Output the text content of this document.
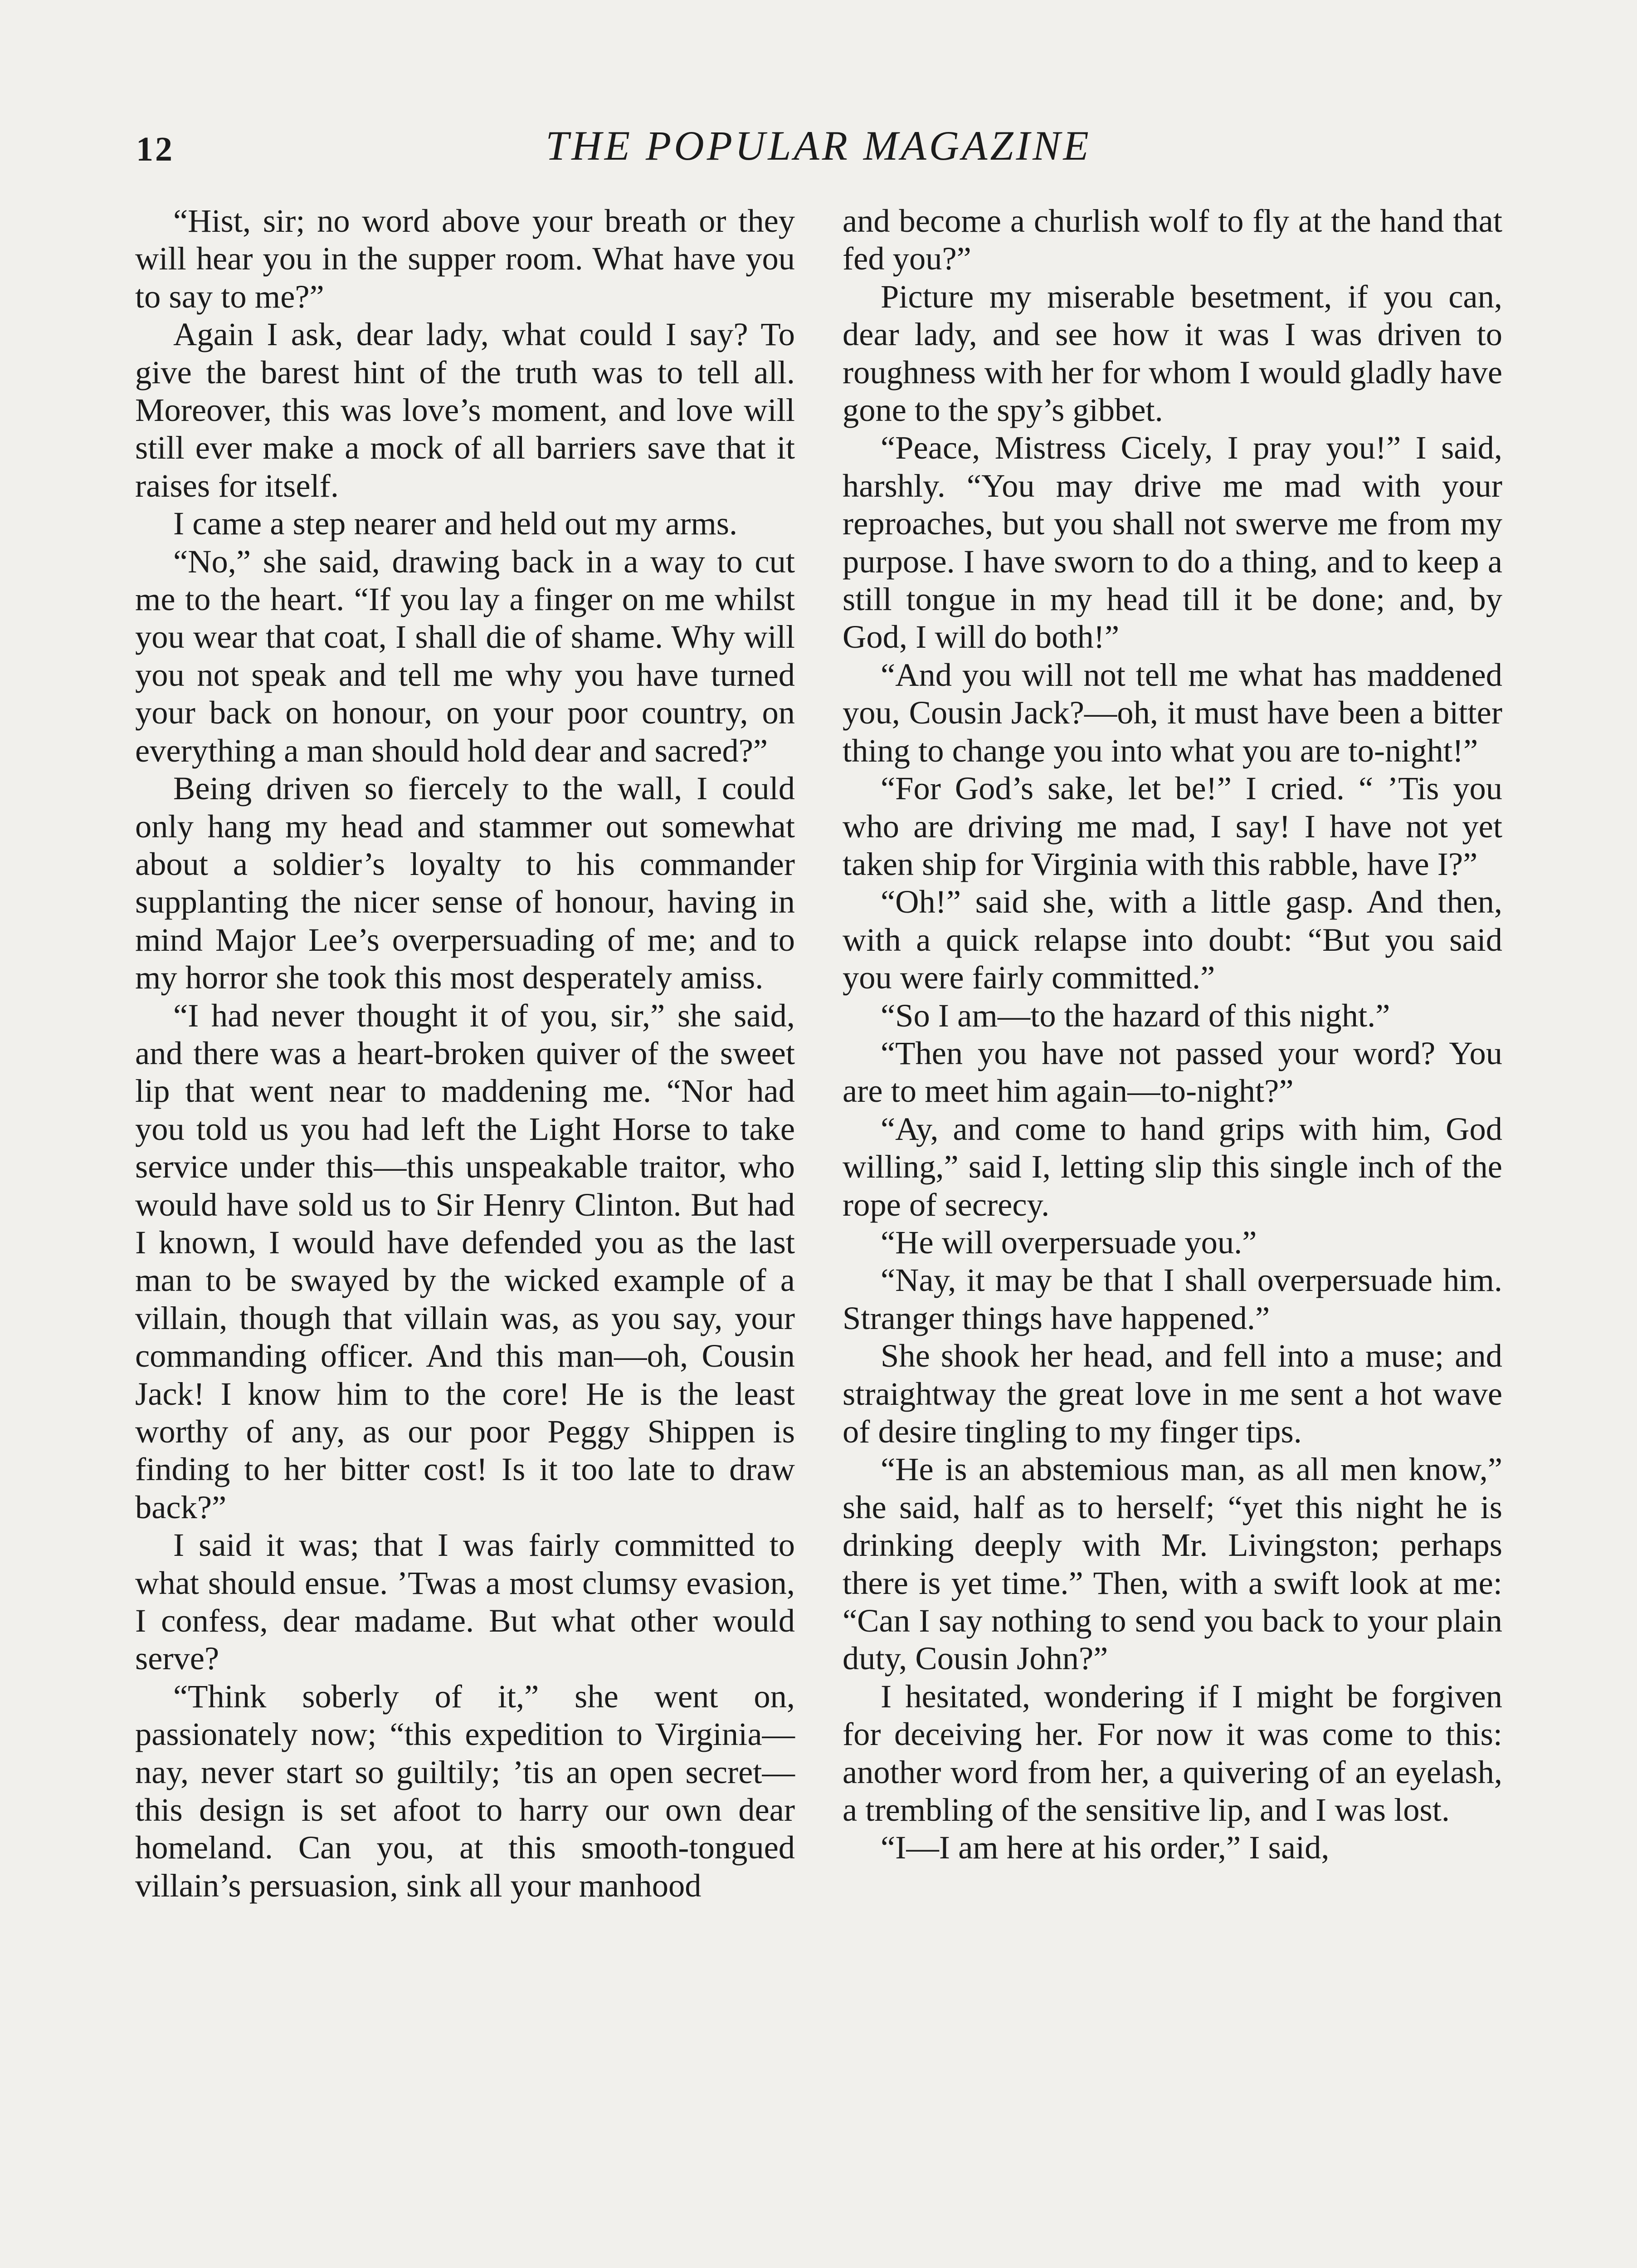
12	THE POPULAR MAGAZINE

“Hist, sir; no word above your breath or they will hear you in the supper room. What have you to say to me?”

Again I ask, dear lady, what could I say? To give the barest hint of the truth was to tell all. Moreover, this was love’s moment, and love will still ever make a mock of all barriers save that it raises for itself.

I came a step nearer and held out my arms.

“No,” she said, drawing back in a way to cut me to the heart. “If you lay a finger on me whilst you wear that coat, I shall die of shame. Why will you not speak and tell me why you have turned your back on honour, on your poor country, on everything a man should hold dear and sacred?”

Being driven so fiercely to the wall, I could only hang my head and stammer out somewhat about a soldier’s loyalty to his commander supplanting the nicer sense of honour, having in mind Major Lee’s overpersuading of me; and to my horror she took this most desperately amiss.

“I had never thought it of you, sir,” she said, and there was a heart-broken quiver of the sweet lip that went near to maddening me. “Nor had you told us you had left the Light Horse to take service under this—this unspeakable traitor, who would have sold us to Sir Henry Clinton. But had I known, I would have defended you as the last man to be swayed by the wicked example of a villain, though that villain was, as you say, your commanding officer. And this man—oh, Cousin Jack! I know him to the core! He is the least worthy of any, as our poor Peggy Shippen is finding to her bitter cost! Is it too late to draw back?”

I said it was; that I was fairly committed to what should ensue. ’Twas a most clumsy evasion, I confess, dear madame. But what other would serve?

“Think soberly of it,” she went on, passionately now; “this expedition to Virginia—nay, never start so guiltily; ’tis an open secret—this design is set afoot to harry our own dear homeland. Can you, at this smooth-tongued villain’s persuasion, sink all your manhood

and become a churlish wolf to fly at the hand that fed you?”

Picture my miserable besetment, if you can, dear lady, and see how it was I was driven to roughness with her for whom I would gladly have gone to the spy’s gibbet.

“Peace, Mistress Cicely, I pray you!” I said, harshly. “You may drive me mad with your reproaches, but you shall not swerve me from my purpose. I have sworn to do a thing, and to keep a still tongue in my head till it be done; and, by God, I will do both!”

“And you will not tell me what has maddened you, Cousin Jack?—oh, it must have been a bitter thing to change you into what you are to-night!”

“For God’s sake, let be!” I cried. “ ’Tis you who are driving me mad, I say! I have not yet taken ship for Virginia with this rabble, have I?”

“Oh!” said she, with a little gasp. And then, with a quick relapse into doubt: “But you said you were fairly committed.”

“So I am—to the hazard of this night.”

“Then you have not passed your word? You are to meet him again—to-night?”

“Ay, and come to hand grips with him, God willing,” said I, letting slip this single inch of the rope of secrecy.

“He will overpersuade you.”

“Nay, it may be that I shall overpersuade him. Stranger things have happened.”

She shook her head, and fell into a muse; and straightway the great love in me sent a hot wave of desire tingling to my finger tips.

“He is an abstemious man, as all men know,” she said, half as to herself; “yet this night he is drinking deeply with Mr. Livingston; perhaps there is yet time.” Then, with a swift look at me: “Can I say nothing to send you back to your plain duty, Cousin John?”

I hesitated, wondering if I might be forgiven for deceiving her. For now it was come to this: another word from her, a quivering of an eyelash, a trembling of the sensitive lip, and I was lost.

“I—I am here at his order,” I said,
